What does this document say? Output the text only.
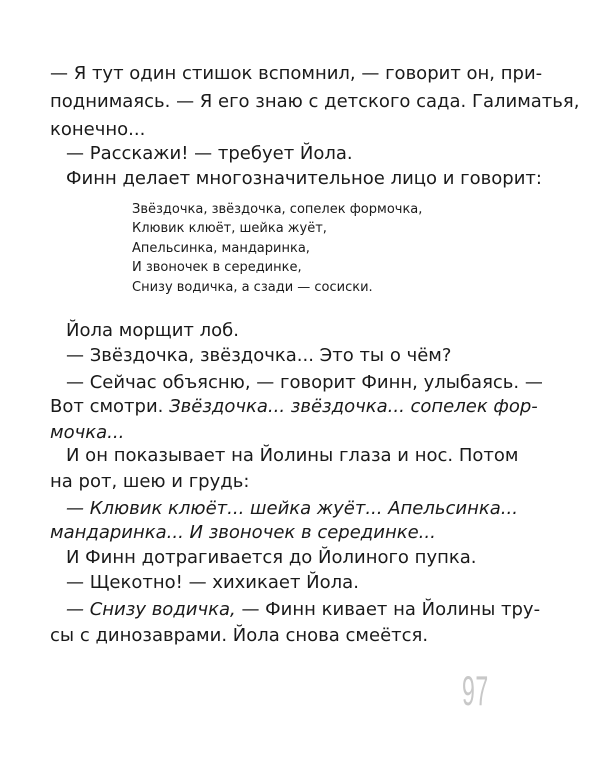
— Я тут один стишок вспомнил, — говорит он, при-
поднимаясь. — Я его знаю с детского сада. Галиматья,
конечно...
— Расскажи! — требует Йола.
Финн делает многозначительное лицо и говорит:
Звёздочка, звёздочка, сопелек формочка,
Клювик клюёт, шейка жуёт,
Апельсинка, мандаринка,
И звоночек в серединке,
Снизу водичка, а сзади — сосиски.
Йола морщит лоб.
— Звёздочка, звёздочка... Это ты о чём?
— Сейчас объясню, — говорит Финн, улыбаясь. —
Вот смотри. Звёздочка... звёздочка... сопелек фор-
мочка...
И он показывает на Йолины глаза и нос. Потом
на рот, шею и грудь:
— Клювик клюёт... шейка жуёт... Апельсинка...
мандаринка... И звоночек в серединке...
И Финн дотрагивается до Йолиного пупка.
— Щекотно! — хихикает Йола.
— Снизу водичка, — Финн кивает на Йолины тру-
сы с динозаврами. Йола снова смеётся.
97
